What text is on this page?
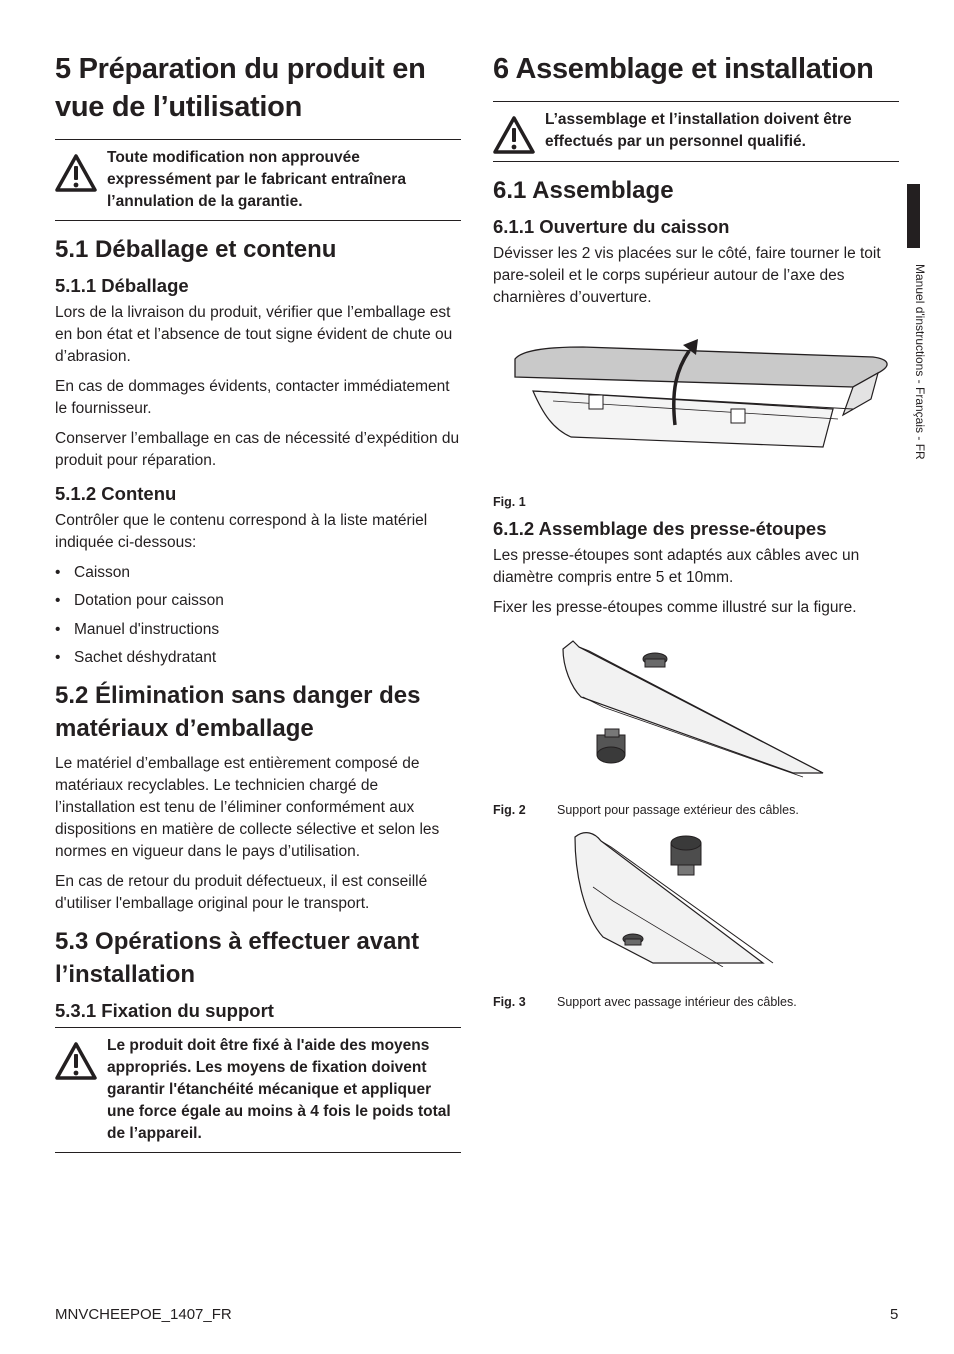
5 Préparation du produit en vue de l’utilisation
Toute modification non approuvée expressément par le fabricant entraînera l’annulation de la garantie.
5.1 Déballage et contenu
5.1.1 Déballage

Lors de la livraison du produit, vérifier que l’emballage est en bon état et l’absence de tout signe évident de chute ou d’abrasion.

En cas de dommages évidents, contacter immédiatement le fournisseur.

Conserver l’emballage en cas de nécessité d’expédition du produit pour réparation.

5.1.2 Contenu

Contrôler que le contenu correspond à la liste matériel indiquée ci-dessous:

• Caisson
• Dotation pour caisson
• Manuel d'instructions
• Sachet déshydratant
5.2 Élimination sans danger des matériaux d’emballage

Le matériel d’emballage est entièrement composé de matériaux recyclables. Le technicien chargé de l’installation est tenu de l’éliminer conformément aux dispositions en matière de collecte sélective et selon les normes en vigueur dans le pays d’utilisation.

En cas de retour du produit défectueux, il est conseillé d'utiliser l'emballage original pour le transport.

5.3 Opérations à effectuer avant l’installation
5.3.1 Fixation du support
Le produit doit être fixé à l'aide des moyens appropriés. Les moyens de fixation doivent garantir l'étanchéité mécanique et appliquer une force égale au moins à 4 fois le poids total de l’appareil.
6 Assemblage et installation
L’assemblage et l’installation doivent être effectués par un personnel qualifié.
6.1 Assemblage
6.1.1 Ouverture du caisson

Dévisser les 2 vis placées sur le côté, faire tourner le toit pare-soleil et le corps supérieur autour de l’axe des charnières d’ouverture.

Fig. 1
6.1.2 Assemblage des presse-étoupes

Les presse-étoupes sont adaptés aux câbles avec un diamètre compris entre 5 et 10mm.

Fixer les presse-étoupes comme illustré sur la figure.

Fig. 2	Support pour passage extérieur des câbles.
Fig. 3	Support avec passage intérieur des câbles.
Manuel d'instructions - Français - FR
MNVCHEEPOE_1407_FR	5
